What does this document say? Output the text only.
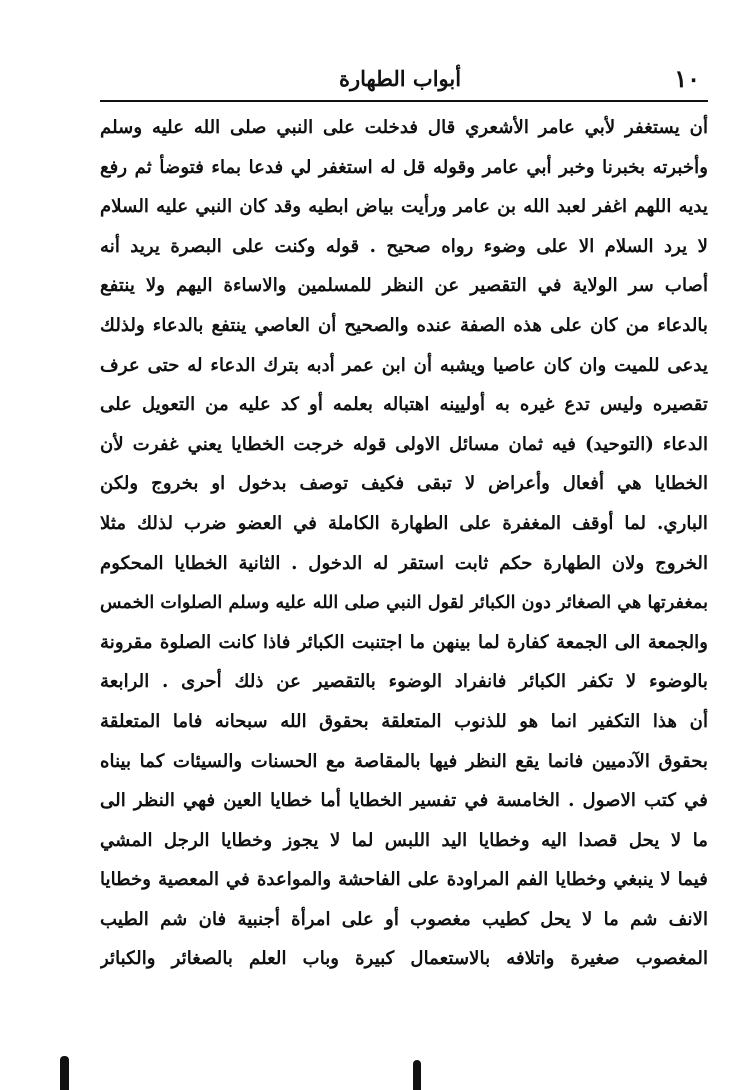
١٠
أبواب الطهارة
أن يستغفر لأبي عامر الأشعري قال فدخلت على النبي صلى الله عليه وسلم
وأخبرته بخبرنا وخبر أبي عامر وقوله قل له استغفر لي فدعا بماء فتوضأ ثم رفع
يديه اللهم اغفر لعبد الله بن عامر ورأيت بياض ابطيه وقد كان النبي عليه السلام
لا يرد السلام الا على وضوء رواه صحيح . قوله وكنت على البصرة يريد أنه
أصاب سر الولاية في التقصير عن النظر للمسلمين والاساءة اليهم ولا ينتفع
بالدعاء من كان على هذه الصفة عنده والصحيح أن العاصي ينتفع بالدعاء ولذلك
يدعى للميت وان كان عاصيا ويشبه أن ابن عمر أدبه بترك الدعاء له حتى عرف
تقصيره وليس تدع غيره به أوليينه اهتباله بعلمه أو كد عليه من التعويل على
الدعاء (التوحيد) فيه ثمان مسائل الاولى قوله خرجت الخطايا يعني غفرت لأن
الخطايا هي أفعال وأعراض لا تبقى فكيف توصف بدخول او بخروج ولكن
الباري. لما أوقف المغفرة على الطهارة الكاملة في العضو ضرب لذلك مثلا
الخروج ولان الطهارة حكم ثابت استقر له الدخول . الثانية الخطايا المحكوم
بمغفرتها هي الصغائر دون الكبائر لقول النبي صلى الله عليه وسلم الصلوات الخمس
والجمعة الى الجمعة كفارة لما بينهن ما اجتنبت الكبائر فاذا كانت الصلوة مقرونة
بالوضوء لا تكفر الكبائر فانفراد الوضوء بالتقصير عن ذلك أحرى . الرابعة
أن هذا التكفير انما هو للذنوب المتعلقة بحقوق الله سبحانه فاما المتعلقة
بحقوق الآدميين فانما يقع النظر فيها بالمقاصة مع الحسنات والسيئات كما بيناه
في كتب الاصول . الخامسة في تفسير الخطايا أما خطايا العين فهي النظر الى
ما لا يحل قصدا اليه وخطايا اليد اللبس لما لا يجوز وخطايا الرجل المشي
فيما لا ينبغي وخطايا الفم المراودة على الفاحشة والمواعدة في المعصية وخطايا
الانف شم ما لا يحل كطيب مغصوب أو على امرأة أجنبية فان شم الطيب
المغصوب صغيرة واتلافه بالاستعمال كبيرة وباب العلم بالصغائر والكبائر
